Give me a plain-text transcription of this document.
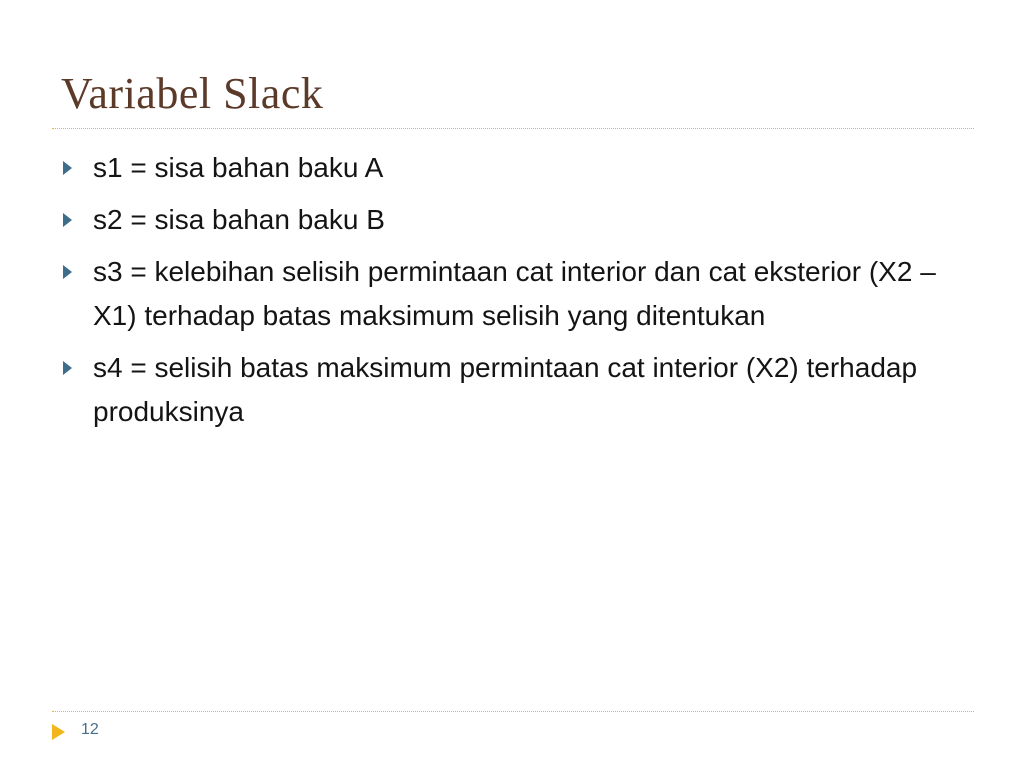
Variabel Slack
s1 = sisa bahan baku A
s2 = sisa bahan baku B
s3 = kelebihan selisih permintaan cat interior dan cat eksterior (X2 – X1) terhadap batas maksimum selisih yang ditentukan
s4 = selisih batas maksimum permintaan cat interior (X2) terhadap produksinya
12
